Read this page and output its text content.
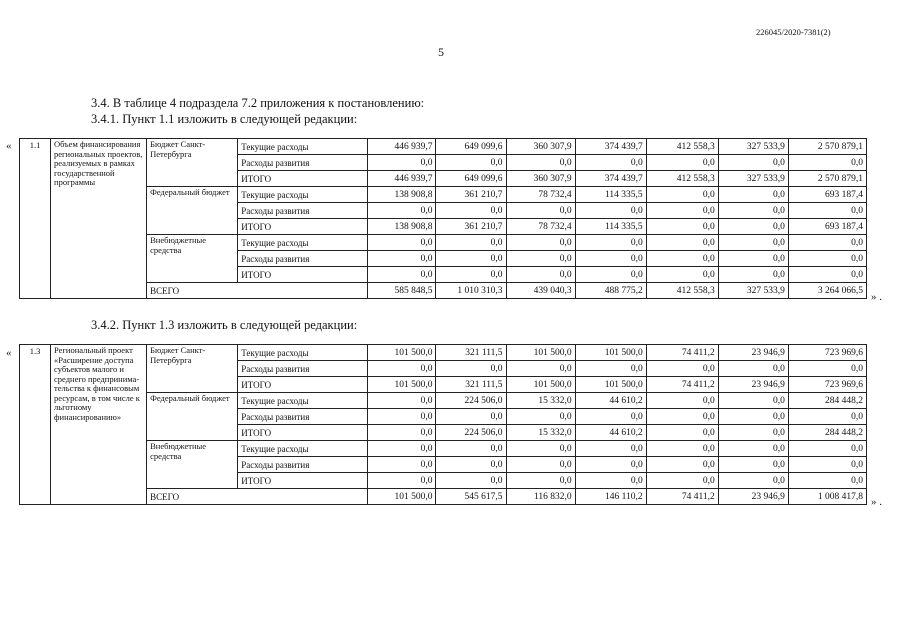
226045/2020-7381(2)
5
3.4. В таблице 4 подраздела 7.2 приложения к постановлению:
3.4.1. Пункт 1.1 изложить в следующей редакции:
3.4.2. Пункт 1.3 изложить в следующей редакции:
«
» .
«
» .
1.1	Объем финансирования региональных проектов, реализуемых в рамках государственной программы	Бюджет Санкт-Петербурга	Текущие расходы	446 939,7	649 099,6	360 307,9	374 439,7	412 558,3	327 533,9	2 570 879,1
			Расходы развития	0,0	0,0	0,0	0,0	0,0	0,0	0,0
			ИТОГО	446 939,7	649 099,6	360 307,9	374 439,7	412 558,3	327 533,9	2 570 879,1
		Федеральный бюджет	Текущие расходы	138 908,8	361 210,7	78 732,4	114 335,5	0,0	0,0	693 187,4
			Расходы развития	0,0	0,0	0,0	0,0	0,0	0,0	0,0
			ИТОГО	138 908,8	361 210,7	78 732,4	114 335,5	0,0	0,0	693 187,4
		Внебюджетные средства	Текущие расходы	0,0	0,0	0,0	0,0	0,0	0,0	0,0
			Расходы развития	0,0	0,0	0,0	0,0	0,0	0,0	0,0
			ИТОГО	0,0	0,0	0,0	0,0	0,0	0,0	0,0
		ВСЕГО		585 848,5	1 010 310,3	439 040,3	488 775,2	412 558,3	327 533,9	3 264 066,5
1.3	Региональный проект «Расширение доступа субъектов малого и среднего предпринима-тельства к финансовым ресурсам, в том числе к льготному финансированию»	Бюджет Санкт-Петербурга	Текущие расходы	101 500,0	321 111,5	101 500,0	101 500,0	74 411,2	23 946,9	723 969,6
			Расходы развития	0,0	0,0	0,0	0,0	0,0	0,0	0,0
			ИТОГО	101 500,0	321 111,5	101 500,0	101 500,0	74 411,2	23 946,9	723 969,6
		Федеральный бюджет	Текущие расходы	0,0	224 506,0	15 332,0	44 610,2	0,0	0,0	284 448,2
			Расходы развития	0,0	0,0	0,0	0,0	0,0	0,0	0,0
			ИТОГО	0,0	224 506,0	15 332,0	44 610,2	0,0	0,0	284 448,2
		Внебюджетные средства	Текущие расходы	0,0	0,0	0,0	0,0	0,0	0,0	0,0
			Расходы развития	0,0	0,0	0,0	0,0	0,0	0,0	0,0
			ИТОГО	0,0	0,0	0,0	0,0	0,0	0,0	0,0
		ВСЕГО		101 500,0	545 617,5	116 832,0	146 110,2	74 411,2	23 946,9	1 008 417,8
